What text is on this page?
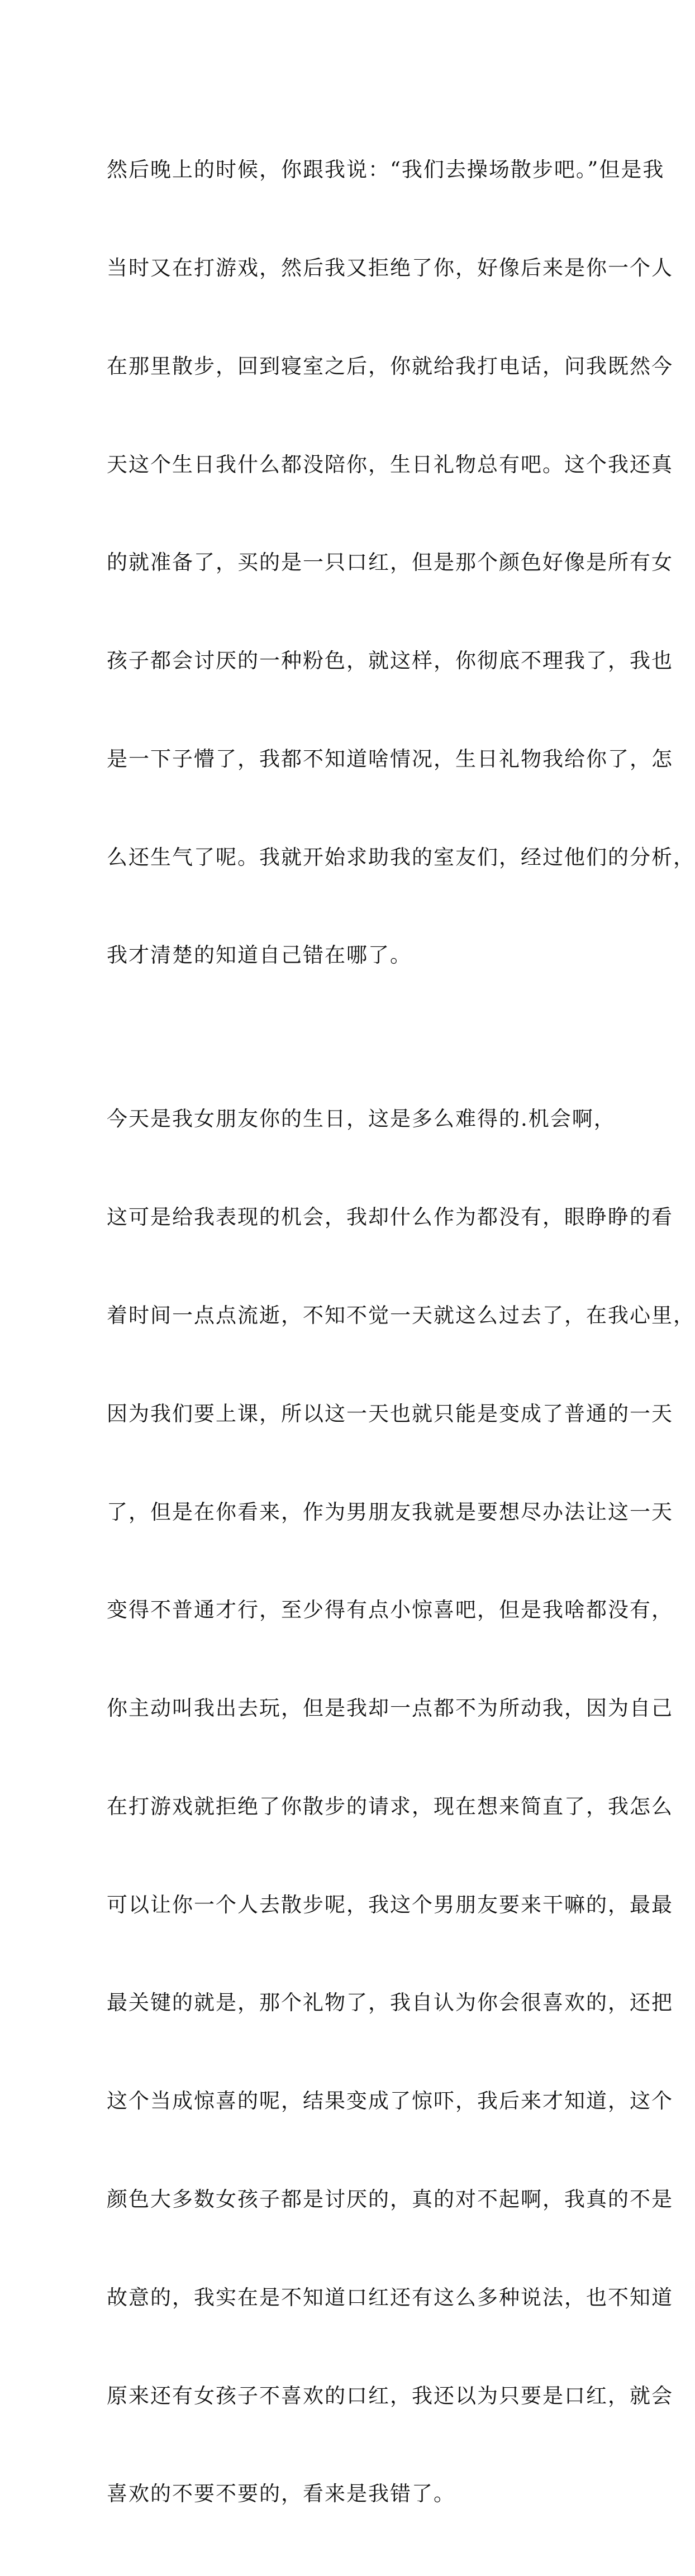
然后晚上的时候，你跟我说：“我们去操场散步吧。”但是我

当时又在打游戏，然后我又拒绝了你，好像后来是你一个人

在那里散步，回到寝室之后，你就给我打电话，问我既然今

天这个生日我什么都没陪你，生日礼物总有吧。这个我还真

的就准备了，买的是一只口红，但是那个颜色好像是所有女

孩子都会讨厌的一种粉色，就这样，你彻底不理我了，我也

是一下子懵了，我都不知道啥情况，生日礼物我给你了，怎

么还生气了呢。我就开始求助我的室友们，经过他们的分析，

我才清楚的知道自己错在哪了。

今天是我女朋友你的生日，这是多么难得的.机会啊，

这可是给我表现的机会，我却什么作为都没有，眼睁睁的看

着时间一点点流逝，不知不觉一天就这么过去了，在我心里，

因为我们要上课，所以这一天也就只能是变成了普通的一天

了，但是在你看来，作为男朋友我就是要想尽办法让这一天

变得不普通才行，至少得有点小惊喜吧，但是我啥都没有，

你主动叫我出去玩，但是我却一点都不为所动我，因为自己

在打游戏就拒绝了你散步的请求，现在想来简直了，我怎么

可以让你一个人去散步呢，我这个男朋友要来干嘛的，最最

最关键的就是，那个礼物了，我自认为你会很喜欢的，还把

这个当成惊喜的呢，结果变成了惊吓，我后来才知道，这个

颜色大多数女孩子都是讨厌的，真的对不起啊，我真的不是

故意的，我实在是不知道口红还有这么多种说法，也不知道

原来还有女孩子不喜欢的口红，我还以为只要是口红，就会

喜欢的不要不要的，看来是我错了。
